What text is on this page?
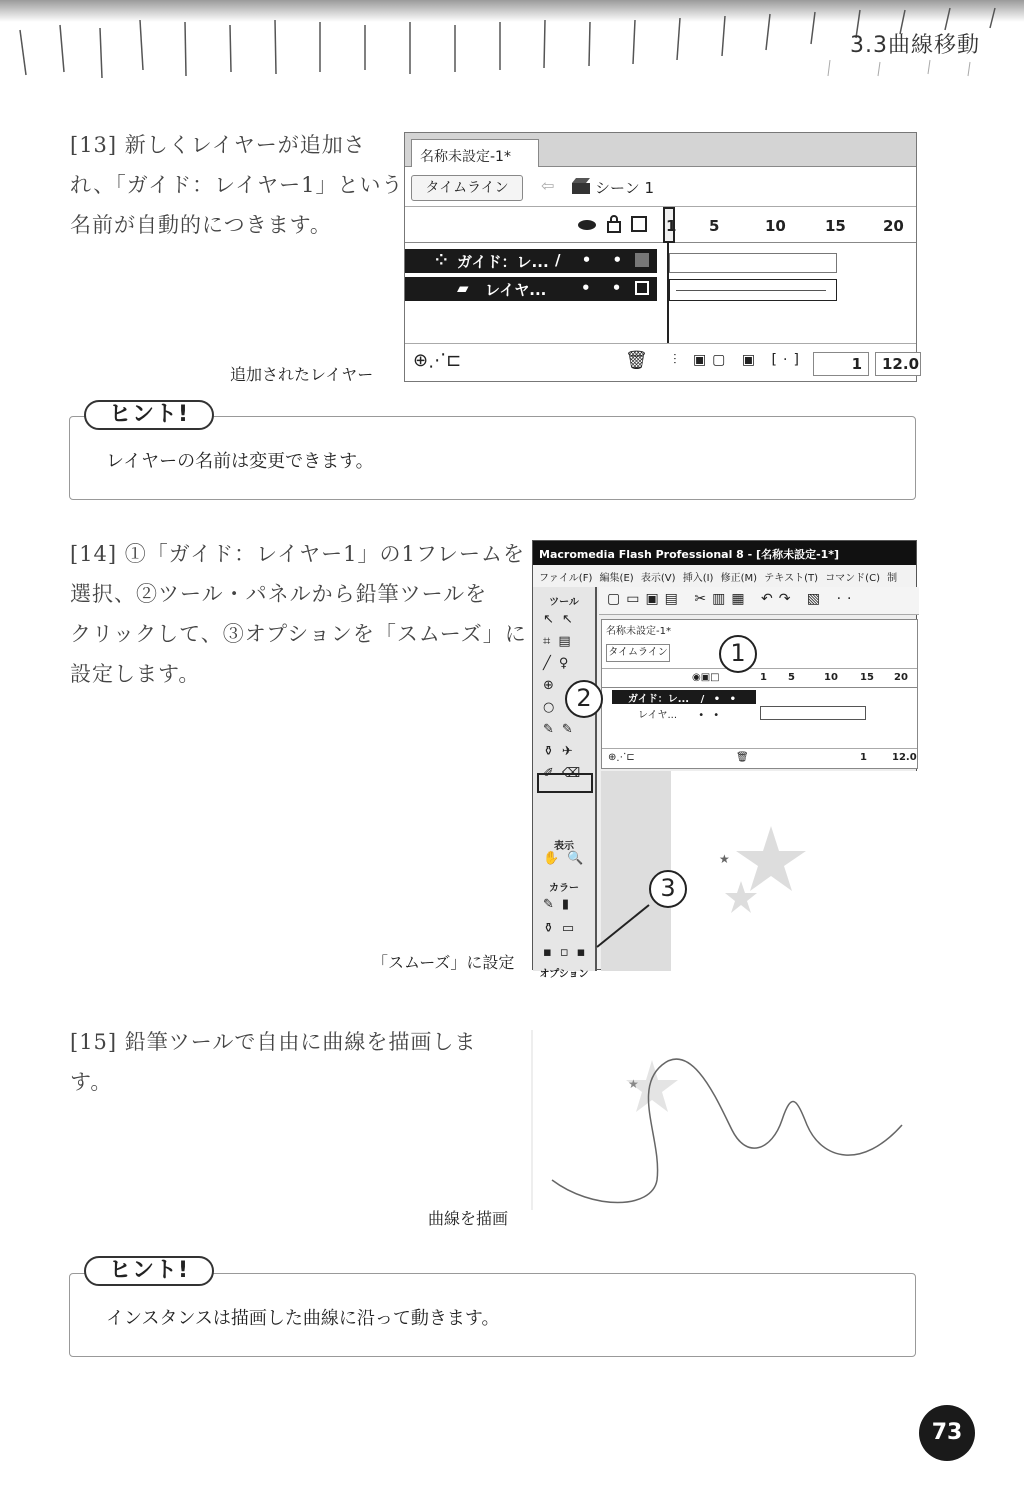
3.3曲線移動
[13] 新しくレイヤーが追加さ
れ、「ガイド：レイヤー1」という
名前が自動的につきます。
名称未設定-1*
タイムライン	⇦	シーン 1
1 5	10	15 20
⁘ ガイド：レ... / • •
▰ レイヤ... • •
⊕⋰⊏	🗑 ⫶ ▣▢ ▣ [·]	1	12.0
追加されたレイヤー
レイヤーの名前は変更できます。
ヒント!
[14] ①「ガイド：レイヤー1」の1フレームを
選択、②ツール・パネルから鉛筆ツールを
クリックして、③オプションを「スムーズ」に
設定します。
Macromedia Flash Professional 8 - [名称未設定-1*]
ファイル(F) 編集(E) 表示(V) 挿入(I) 修正(M) テキスト(T) コマンド(C) 制
ツール
↖↖
⌗▤
╱♀
⊕
○
✎✎
⚱✈
✐⌫
表示
✋🔍
カラー
✎▮
⚱▭
▪▫▪
オプション
▢▭▣▤ ✂▥▦ ↶↷ ▧ ⋅⋅
名称未設定-1*
タイムライン
◉▣□	1 5	10 15 20
ガイド：レ... / • •
レイヤ... • •
⊕⋰⊏	🗑	1	12.0
★
1
2
3
「スムーズ」に設定
[15] 鉛筆ツールで自由に曲線を描画しま
す。	★
曲線を描画
インスタンスは描画した曲線に沿って動きます。
ヒント!
73
